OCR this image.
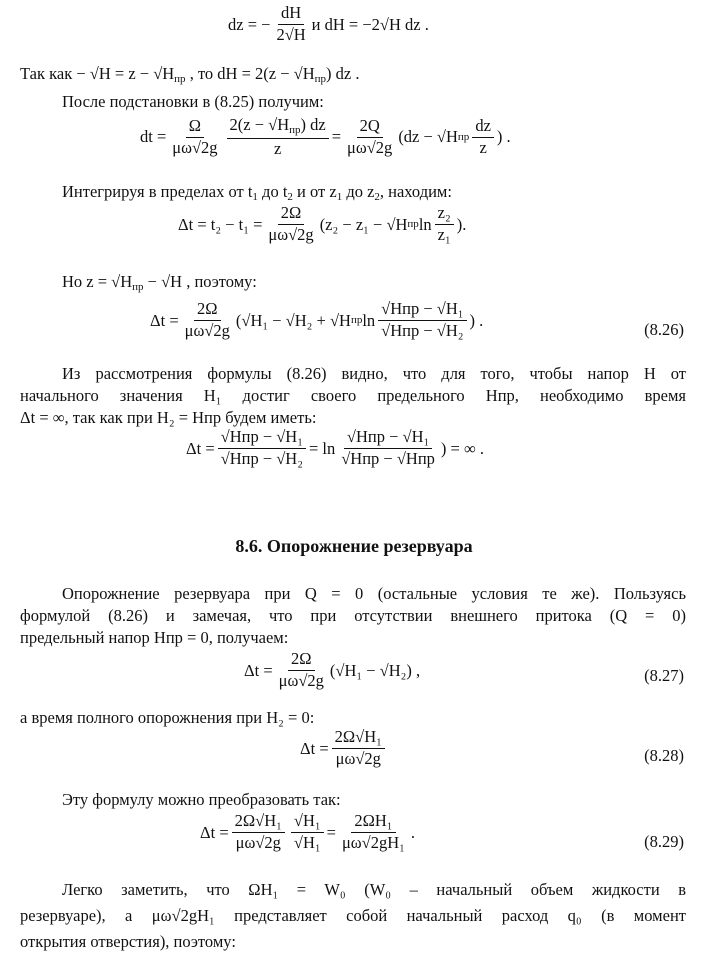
dz = − $\frac{dH}{2√H}$ и dH = −2√H dz .
Так как − $√H = z - √H_{пр}$ , то dH = $2(z - √H_{пр})$ dz .
После подстановки в (8.25) получим:
dt = $\frac{\Omega}{\mu\omega√2g} \frac{2(z - √H_{пр}) dz}{z} = \frac{2Q}{\mu\omega√2g} (dz - √H$ пр $\frac{dz}{z}$ ) .
Интегрируя в пределах от $t_1$ до $t_2$ и от $z_1$ до $z_2$, находим:
$\Delta t = t_2 - t_1 = \frac{2\Omega}{\mu\omega√2g} (z_2 - z_1 - √H$ пр $\ln \frac{\text{z₂}}{\text{z₁}}$ ).
Но $z = √H_{пр} - √H$ , поэтому:
$\Delta t = \frac{2\Omega}{\mu\omega√2g} (√H_1 - √H_2 + √H$ пр $\ln \frac{\text{√Hпр − √H₁}}{\text{√Hпр − √H₂}}$ ) .	(8.26)
Из рассмотрения формулы (8.26) видно, что для того, чтобы напор H от
начального значения H₁ достиг своего предельного Hпр, необходимо время
Δt = ∞, так как при H₂ = Hпр будем иметь:
$\Delta t = \frac{\text{√Hпр − √H₁}}{\text{√Hпр − √H₂}} = \ln \frac{\text{√Hпр − √H₁}}{\text{√Hпр − √Hпр}}$ ) = ∞ .
8.6. Опорожнение резервуара
Опорожнение резервуара при Q = 0 (остальные условия те же). Пользуясь
формулой (8.26) и замечая, что при отсутствии внешнего притока (Q = 0)
предельный напор Hпр = 0, получаем:
$\Delta t = \frac{2\Omega}{\mu\omega√2g} (√H_1 - √H_2)$ ,	(8.27)
а время полного опорожнения при H₂ = 0:
$\Delta t = \frac{\text{2Ω√H₁}}{\mu\omega√2g}$	(8.28)
Эту формулу можно преобразовать так:
$\Delta t = \frac{\text{2Ω√H₁}}{\mu\omega√2g} \frac{\text{√H₁}}{\text{√H₁}} = \frac{\text{2ΩH₁}}{\text{μω√2gH₁}}$ .	(8.29)
Легко заметить, что ΩH₁ = W₀ (W₀ – начальный объем жидкости в
резервуаре), а μω√2gH₁ представляет собой начальный расход q₀ (в момент
открытия отверстия), поэтому:
